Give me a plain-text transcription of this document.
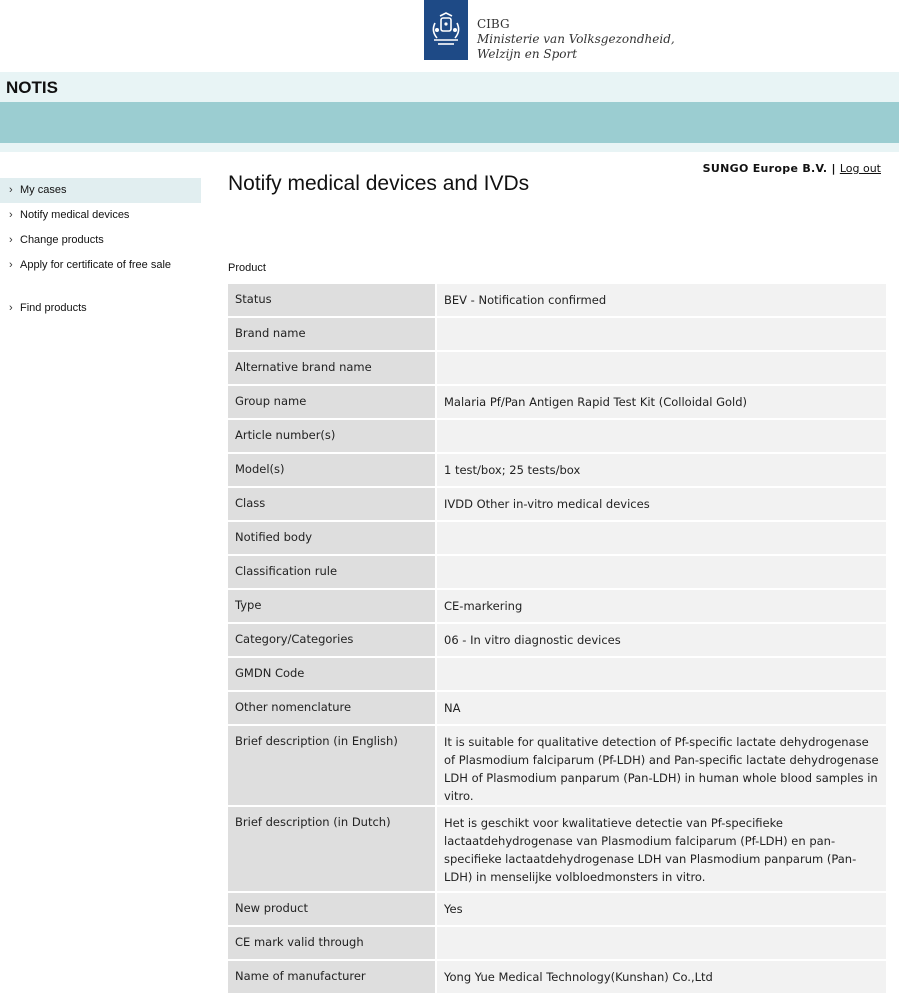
CIBG
Ministerie van Volksgezondheid,
Welzijn en Sport
NOTIS
› My cases
› Notify medical devices
› Change products
› Apply for certificate of free sale
› Find products
SUNGO Europe B.V. | Log out
Notify medical devices and IVDs
Product
Status	BEV - Notification confirmed
Brand name	
Alternative brand name	
Group name	Malaria Pf/Pan Antigen Rapid Test Kit (Colloidal Gold)
Article number(s)	
Model(s)	1 test/box; 25 tests/box
Class	IVDD Other in-vitro medical devices
Notified body	
Classification rule	
Type	CE-markering
Category/Categories	06 - In vitro diagnostic devices
GMDN Code	
Other nomenclature	NA
Brief description (in English)	It is suitable for qualitative detection of Pf-specific lactate dehydrogenase of Plasmodium falciparum (Pf-LDH) and Pan-specific lactate dehydrogenase LDH of Plasmodium panparum (Pan-LDH) in human whole blood samples in vitro.
Brief description (in Dutch)	Het is geschikt voor kwalitatieve detectie van Pf-specifieke lactaatdehydrogenase van Plasmodium falciparum (Pf-LDH) en pan-specifieke lactaatdehydrogenase LDH van Plasmodium panparum (Pan-LDH) in menselijke volbloedmonsters in vitro.
New product	Yes
CE mark valid through	
Name of manufacturer	Yong Yue Medical Technology(Kunshan) Co.,Ltd
